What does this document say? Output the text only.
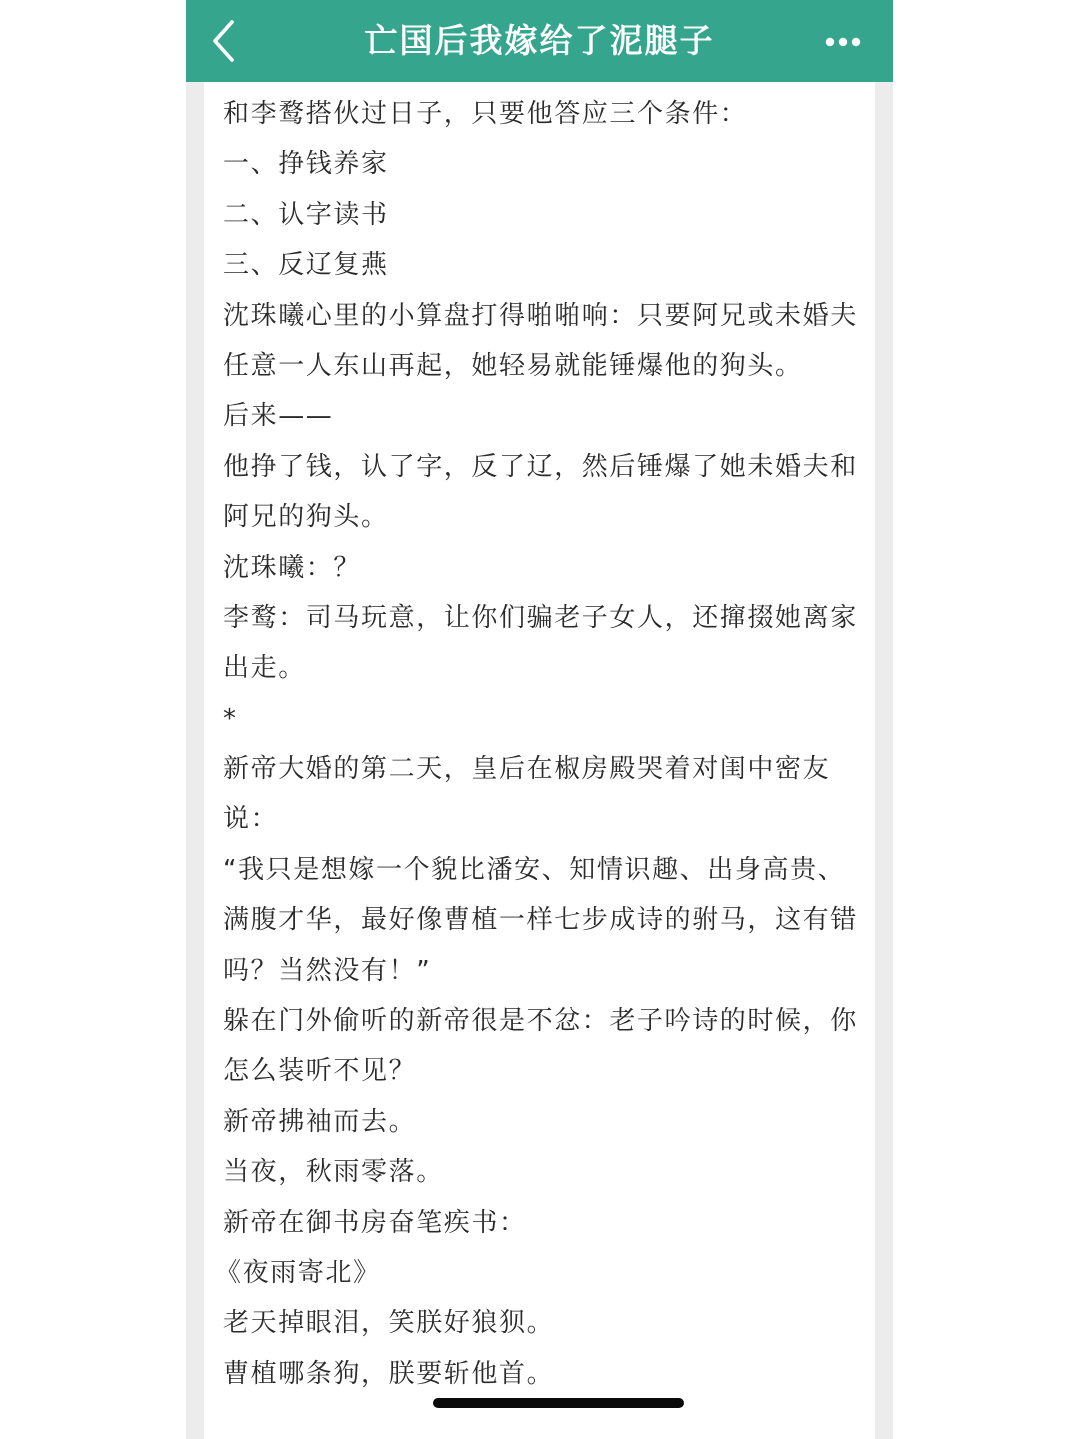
亡国后我嫁给了泥腿子
和李鹜搭伙过日子，只要他答应三个条件：
一、挣钱养家
二、认字读书
三、反辽复燕
沈珠曦心里的小算盘打得啪啪响：只要阿兄或未婚夫
任意一人东山再起，她轻易就能锤爆他的狗头。
后来——
他挣了钱，认了字，反了辽，然后锤爆了她未婚夫和
阿兄的狗头。
沈珠曦：？
李鹜：司马玩意，让你们骗老子女人，还撺掇她离家
出走。
*
新帝大婚的第二天，皇后在椒房殿哭着对闺中密友
说：
“我只是想嫁一个貌比潘安、知情识趣、出身高贵、
满腹才华，最好像曹植一样七步成诗的驸马，这有错
吗？当然没有！”
躲在门外偷听的新帝很是不忿：老子吟诗的时候，你
怎么装听不见？
新帝拂袖而去。
当夜，秋雨零落。
新帝在御书房奋笔疾书：
《夜雨寄北》
老天掉眼泪，笑朕好狼狈。
曹植哪条狗，朕要斩他首。
